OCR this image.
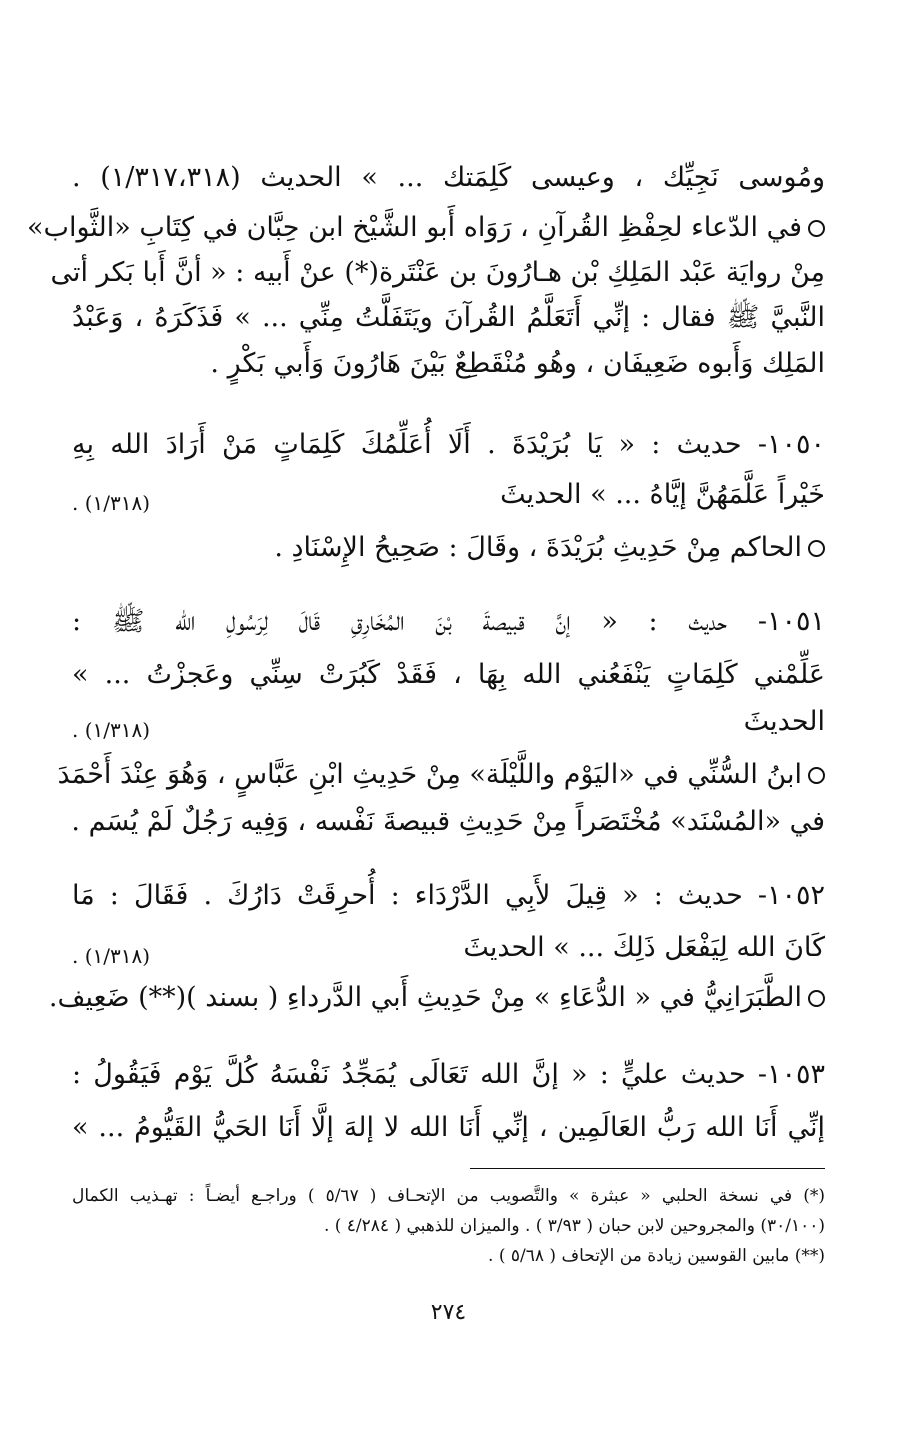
ومُوسى نَجِيِّك ، وعيسى كَلِمَتك ... » الحديث (١/٣١٧،٣١٨) .
في الدّعاء لحِفْظِ القُرآنِ ، رَوَاه أَبو الشَّيْخ ابن حِبَّان في كِتَابِ «الثَّواب»
مِنْ روايَة عَبْد المَلِكِ بْن هـارُونَ بن عَنْتَرة(*) عنْ أَبيه : « أنَّ أَبا بَكر أتى
النَّبيَّ ﷺ فقال : إنِّي أَتَعَلَّمُ القُرآنَ ويَتَفَلَّتُ مِنِّي ... » فَذَكَرَهُ ، وَعَبْدُ
المَلِك وَأَبوه ضَعِيفَان ، وهُو مُنْقَطِعٌ بَيْنَ هَارُونَ وَأَبي بَكْرٍ .
١٠٥٠- حديث : « يَا بُرَيْدَةَ . أَلَا أُعَلِّمُكَ كَلِمَاتٍ مَنْ أَرَادَ الله بِهِ
خَيْراً عَلَّمَهُنَّ إيَّاهُ ... » الحديثَ
(١/٣١٨) .
الحاكم مِنْ حَدِيثِ بُرَيْدَةَ ، وقَالَ : صَحِيحُ الإِسْنَادِ .
١٠٥١- حديث : « إنَّ قبيصةَ بْنَ المُخَارِقِ قَالَ لِرَسُولِ الله ﷺ :
عَلِّمْني كَلِمَاتٍ يَنْفَعُني الله بِهَا ، فَقَدْ كَبُرَتْ سِنِّي وعَجزْتُ ... »
الحديثَ
(١/٣١٨) .
ابنُ السُّنِّي في «اليَوْم واللَّيْلَة» مِنْ حَدِيثِ ابْنِ عَبَّاسٍ ، وَهُوَ عِنْدَ أَحْمَدَ
في «المُسْنَد» مُخْتَصَراً مِنْ حَدِيثِ قبيصةَ نَفْسه ، وَفِيه رَجُلٌ لَمْ يُسَم .
١٠٥٢- حديث : « قِيلَ لأَبِي الدَّرْدَاء : أُحرِقَتْ دَارُكَ . فَقَالَ : مَا
كَانَ الله لِيَفْعَل ذَلِكَ ... » الحديثَ
(١/٣١٨) .
الطَّبَرَانِيُّ في « الدُّعَاءِ » مِنْ حَدِيثِ أَبي الدَّرداءِ ( بسند )(**) ضَعِيف.
١٠٥٣- حديث عليٍّ : « إنَّ الله تَعَالَى يُمَجِّدُ نَفْسَهُ كُلَّ يَوْم فَيَقُولُ :
إنِّي أَنَا الله رَبُّ العَالَمِين ، إنِّي أَنَا الله لا إلهَ إلَّا أَنَا الحَيُّ القَيُّومُ ... »
(*) في نسخة الحلبي « عبثرة » والتَّصويب من الإتحـاف ( ٥/٦٧ ) وراجـع أيضـاً : تهـذيب الكمال
(٣٠/١٠٠) والمجروحين لابن حبان ( ٣/٩٣ ) . والميزان للذهبي ( ٤/٢٨٤ ) .
(**) مابين القوسين زيادة من الإتحاف ( ٥/٦٨ ) .
٢٧٤
